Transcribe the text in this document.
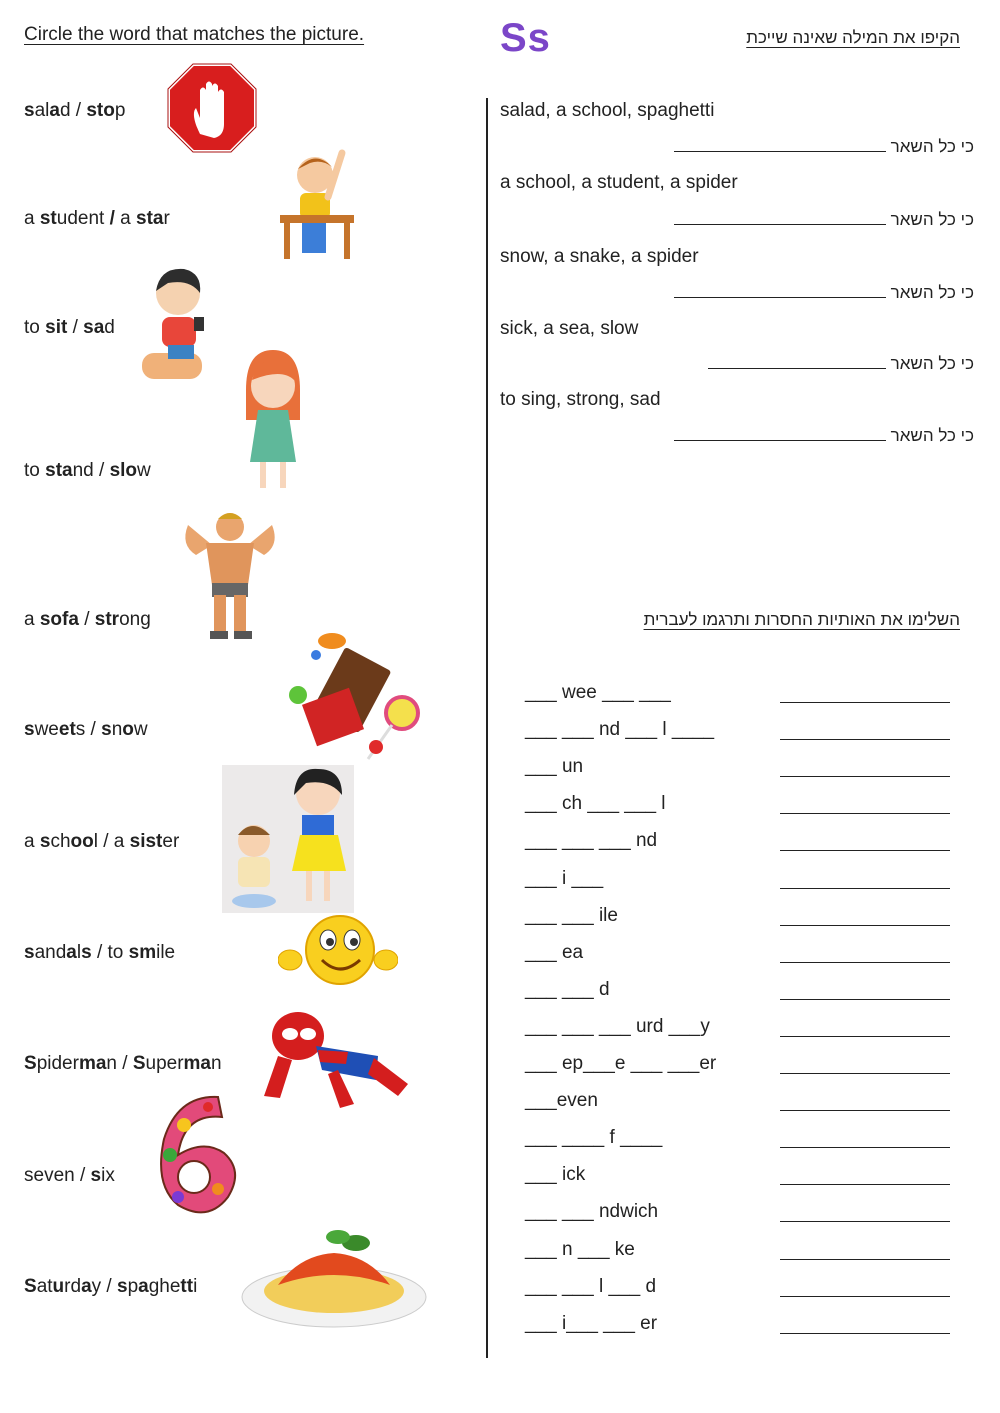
Circle the word that matches the picture.	Ss	הקיפו את המילה שאינה שייכת
salad / stop
a student / a star
to sit / sad
to stand / slow
a sofa / strong
sweets / snow
a school / a sister
sandals / to smile
Spiderman / Superman
seven / six
Saturday / spaghetti
salad, a school, spaghetti
כי כל השאר
a school, a student, a spider
כי כל השאר
snow, a snake, a spider
כי כל השאר
sick, a sea, slow
כי כל השאר
to sing, strong, sad
כי כל השאר
השלימו את האותיות החסרות ותרגמו לעברית
___ wee ___ ___
___ ___ nd ___ l ____
___ un
___ ch ___ ___ l
___ ___ ___ nd
___ i ___
___ ___ ile
___ ea
___ ___ d
___ ___ ___ urd ___y
___ ep___e ___ ___er
___even
___ ____ f ____
___ ick
___ ___ ndwich
___ n ___ ke
___ ___ l ___ d
___ i___ ___ er
